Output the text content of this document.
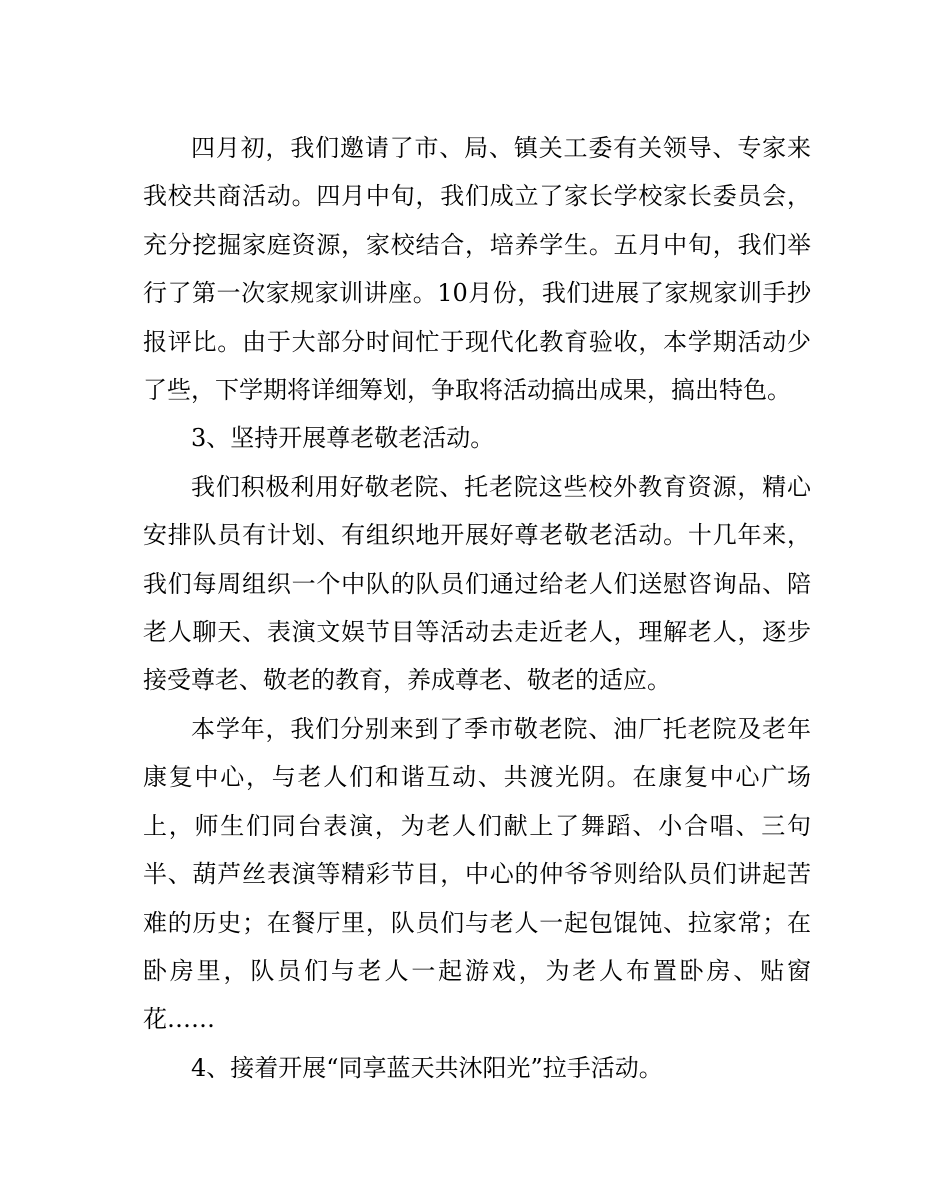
四月初，我们邀请了市、局、镇关工委有关领导、专家来我校共商活动。四月中旬，我们成立了家长学校家长委员会，充分挖掘家庭资源，家校结合，培养学生。五月中旬，我们举行了第一次家规家训讲座。10月份，我们进展了家规家训手抄报评比。由于大部分时间忙于现代化教育验收，本学期活动少了些，下学期将详细筹划，争取将活动搞出成果，搞出特色。

3、坚持开展尊老敬老活动。

我们积极利用好敬老院、托老院这些校外教育资源，精心安排队员有计划、有组织地开展好尊老敬老活动。十几年来，我们每周组织一个中队的队员们通过给老人们送慰咨询品、陪老人聊天、表演文娱节目等活动去走近老人，理解老人，逐步接受尊老、敬老的教育，养成尊老、敬老的适应。

本学年，我们分别来到了季市敬老院、油厂托老院及老年康复中心，与老人们和谐互动、共渡光阴。在康复中心广场上，师生们同台表演，为老人们献上了舞蹈、小合唱、三句半、葫芦丝表演等精彩节目，中心的仲爷爷则给队员们讲起苦难的历史；在餐厅里，队员们与老人一起包馄饨、拉家常；在卧房里，队员们与老人一起游戏，为老人布置卧房、贴窗花……

4、接着开展“同享蓝天共沐阳光”拉手活动。
